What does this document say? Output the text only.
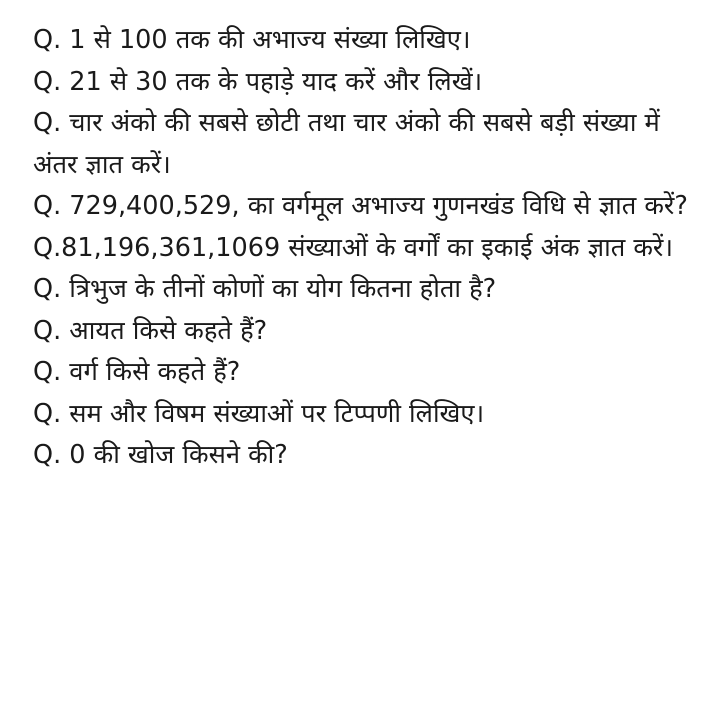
Q. 1 से 100 तक की अभाज्य संख्या लिखिए।
Q. 21 से 30 तक के पहाड़े याद करें और लिखें।
Q. चार अंको की सबसे छोटी तथा चार अंको की सबसे बड़ी संख्या में अंतर ज्ञात करें।
Q. 729,400,529, का वर्गमूल अभाज्य गुणनखंड विधि से ज्ञात करें?
Q.81,196,361,1069 संख्याओं के वर्गों का इकाई अंक ज्ञात करें।
Q. त्रिभुज के तीनों कोणों का योग कितना होता है?
Q. आयत किसे कहते हैं?
Q. वर्ग किसे कहते हैं?
Q. सम और विषम संख्याओं पर टिप्पणी लिखिए।
Q. 0 की खोज किसने की?
